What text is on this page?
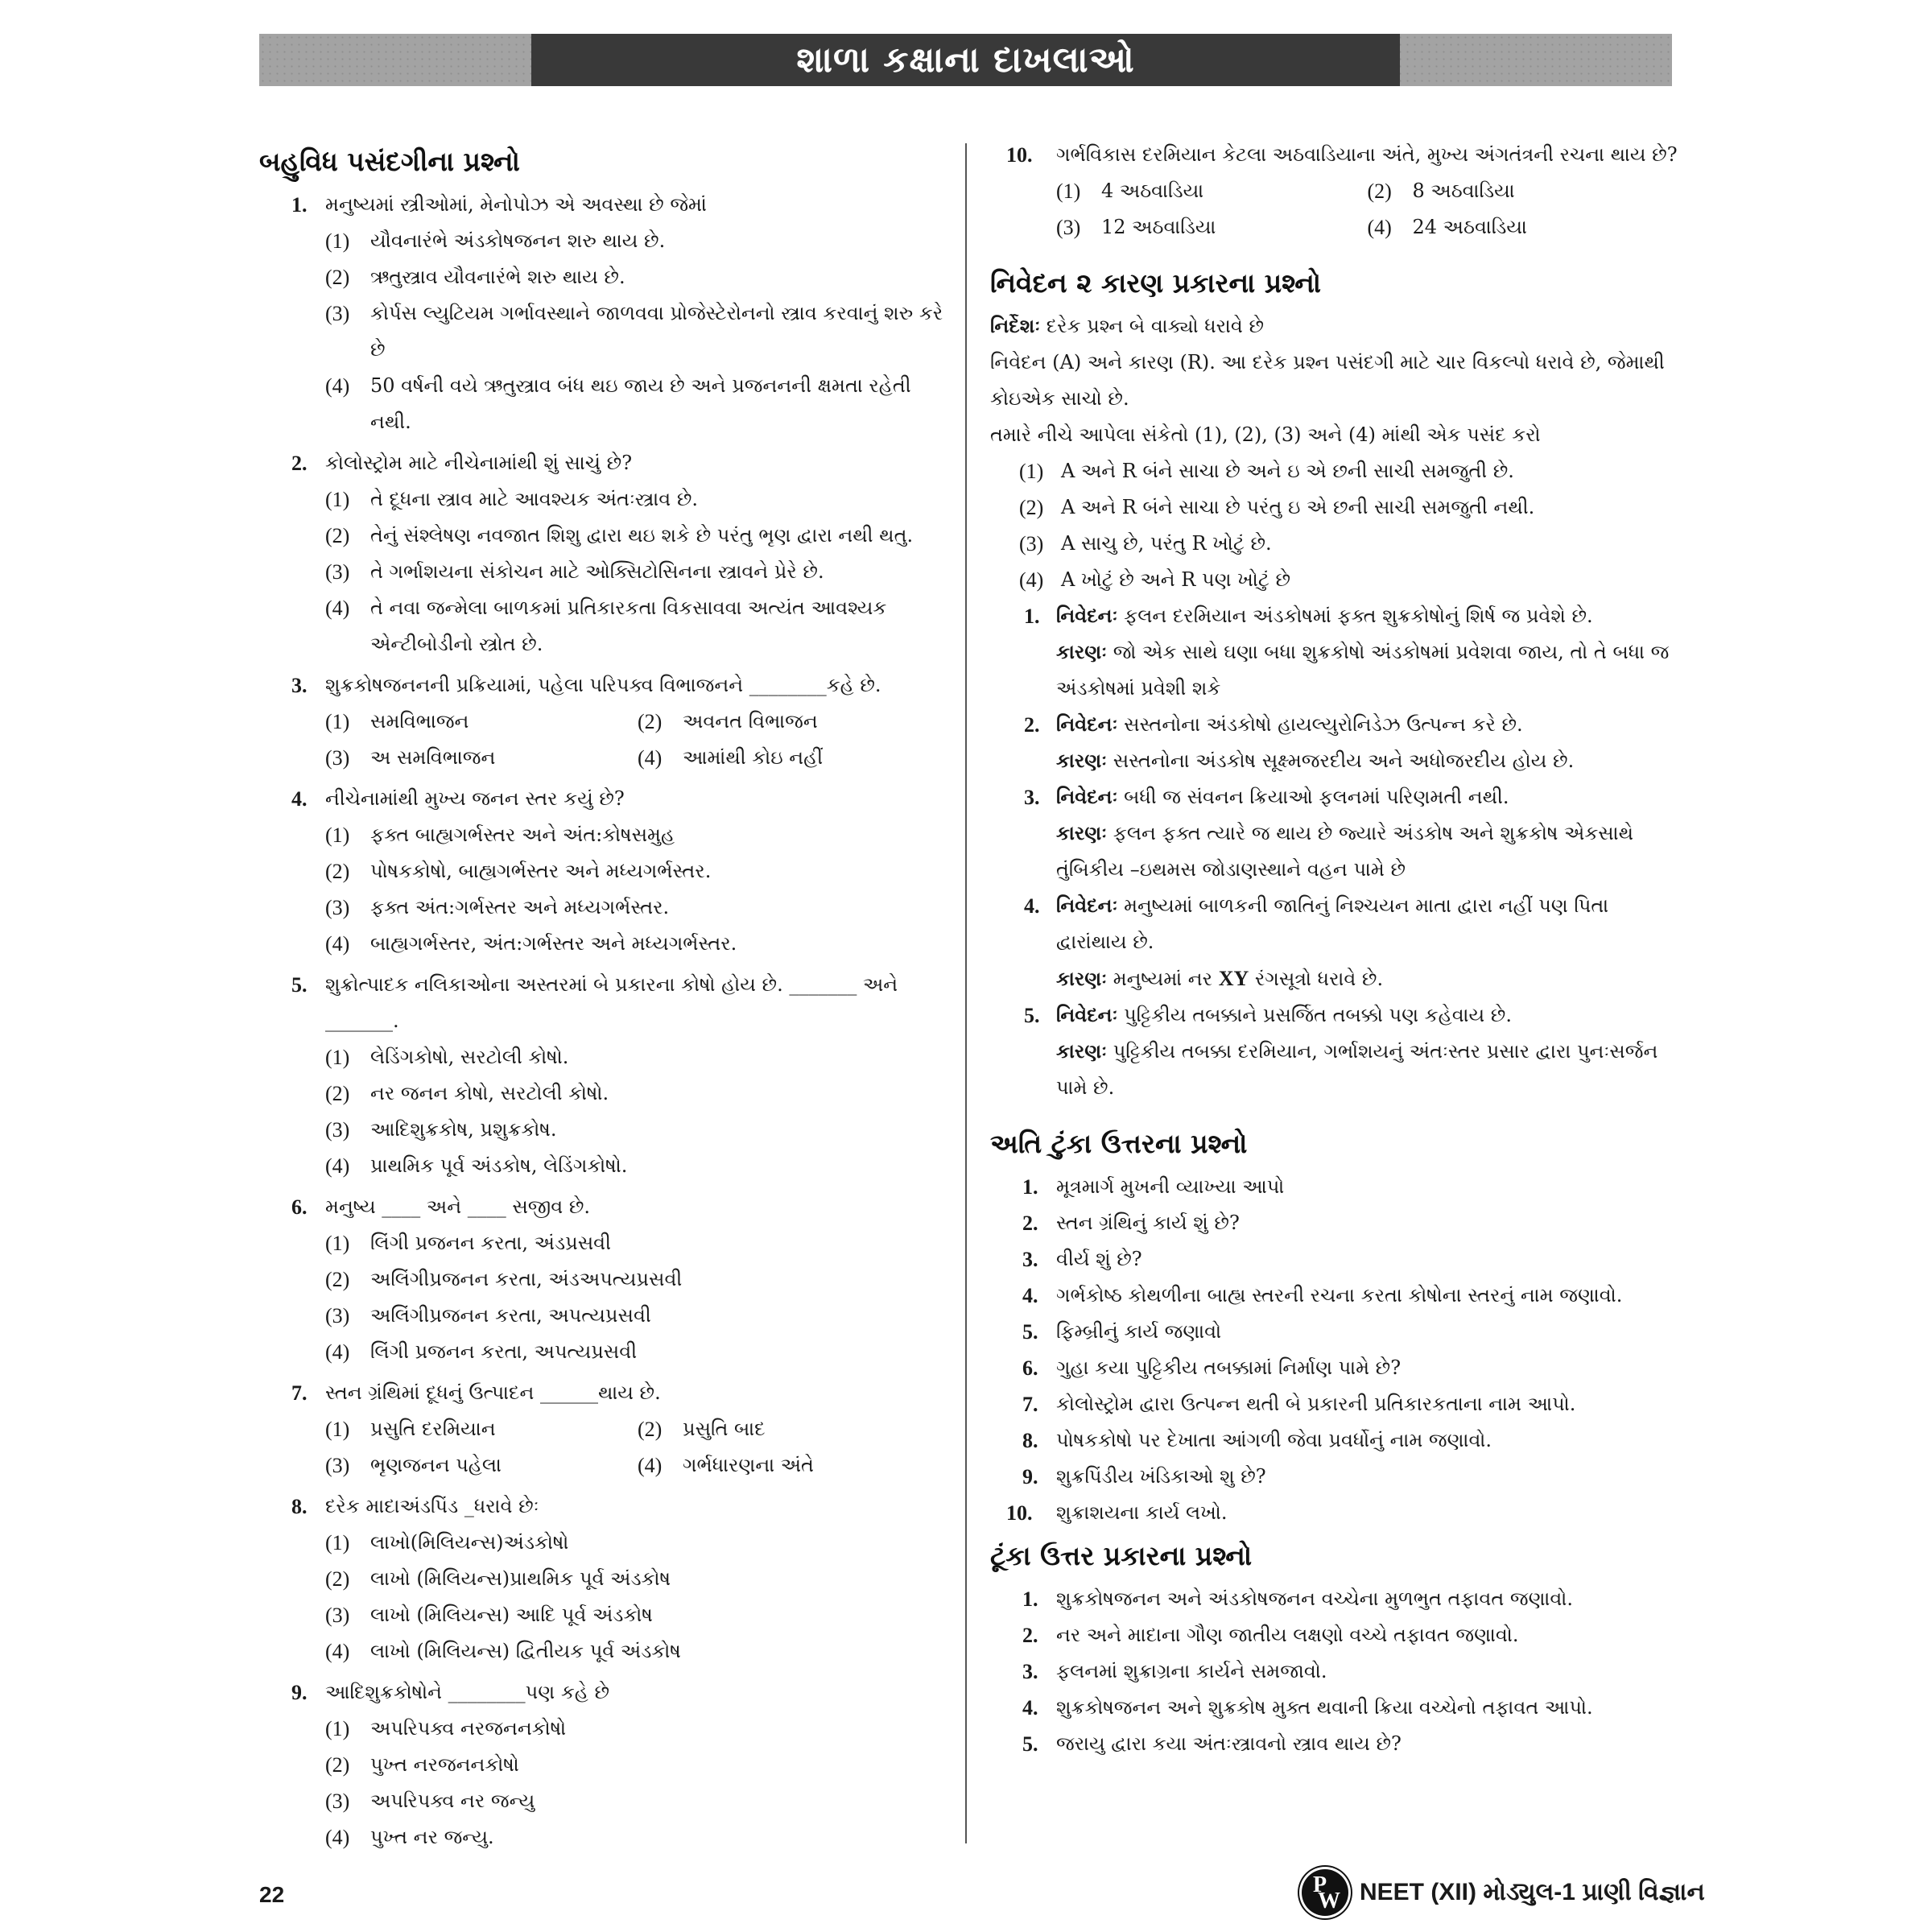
શાળા કક્ષાના દાખલાઓ
બહુવિધ પસંદગીના પ્રશ્નો
1. મનુષ્યમાં સ્ત્રીઓમાં, મેનોપોઝ એ અવસ્થા છે જેમાં
(1) યૌવનારંભે અંડકોષજનન શરુ થાય છે.
(2) ઋતુસ્ત્રાવ યૌવનારંભે શરુ થાય છે.
(3) કોર્પસ લ્યુટિયમ ગર્ભાવસ્થાને જાળવવા પ્રોજેસ્ટેરોનનો સ્ત્રાવ કરવાનું શરુ કરે છે
(4) 50 વર્ષની વયે ઋતુસ્ત્રાવ બંધ થઇ જાય છે અને પ્રજનનની ક્ષમતા રહેતી નથી.
2. કોલોસ્ટ્રોમ માટે નીચેનામાંથી શું સાચું છે?
(1) તે દૂધના સ્ત્રાવ માટે આવશ્યક અંતઃસ્ત્રાવ છે.
(2) તેનું સંશ્લેષણ નવજાત શિશુ દ્વારા થઇ શકે છે પરંતુ ભૃણ દ્વારા નથી થતુ.
(3) તે ગર્ભાશયના સંકોચન માટે ઓક્સિટોસિનના સ્ત્રાવને પ્રેરે છે.
(4) તે નવા જન્મેલા બાળકમાં પ્રતિકારકતા વિકસાવવા અત્યંત આવશ્યક એન્ટીબોડીનો સ્ત્રોત છે.
3. શુક્રકોષજનનની પ્રક્રિયામાં, પહેલા પરિપક્વ વિભાજનને ________કહે છે.
(1) સમવિભાજન	(2) અવનત વિભાજન
(3) અ સમવિભાજન	(4) આમાંથી કોઇ નહીં
4. નીચેનામાંથી મુખ્ય જનન સ્તર કયું છે?
(1) ફક્ત બાહ્યગર્ભસ્તર અને અંત:કોષસમુહ
(2) પોષકકોષો, બાહ્યગર્ભસ્તર અને મધ્યગર્ભસ્તર.
(3) ફક્ત અંત:ગર્ભસ્તર અને મધ્યગર્ભસ્તર.
(4) બાહ્યગર્ભસ્તર, અંત:ગર્ભસ્તર અને મધ્યગર્ભસ્તર.
5. શુક્રોત્પાદક નલિકાઓના અસ્તરમાં બે પ્રકારના કોષો હોય છે. _______ અને _______.
(1) લેડિંગકોષો, સરટોલી કોષો.
(2) નર જનન કોષો, સરટોલી કોષો.
(3) આદિશુક્રકોષ, પ્રશુક્રકોષ.
(4) પ્રાથમિક પૂર્વ અંડકોષ, લેડિંગકોષો.
6. મનુષ્ય ____ અને ____ સજીવ છે.
(1) લિંગી પ્રજનન કરતા, અંડપ્રસવી
(2) અલિંગીપ્રજનન કરતા, અંડઅપત્યપ્રસવી
(3) અલિંગીપ્રજનન કરતા, અપત્યપ્રસવી
(4) લિંગી પ્રજનન કરતા, અપત્યપ્રસવી
7. સ્તન ગ્રંથિમાં દૂધનું ઉત્પાદન ______થાય છે.
(1) પ્રસુતિ દરમિયાન	(2) પ્રસુતિ બાદ
(3) ભૃણજનન પહેલા	(4) ગર્ભધારણના અંતે
8. દરેક માદાઅંડપિંડ _ધરાવે છેઃ
(1) લાખો(મિલિયન્સ)અંડકોષો
(2) લાખો (મિલિયન્સ)પ્રાથમિક પૂર્વ અંડકોષ
(3) લાખો (મિલિયન્સ) આદિ પૂર્વ અંડકોષ
(4) લાખો (મિલિયન્સ) દ્વિતીયક પૂર્વ અંડકોષ
9. આદિશુક્રકોષોને ________પણ કહે છે
(1) અપરિપક્વ નરજનનકોષો
(2) પુખ્ત નરજનનકોષો
(3) અપરિપક્વ નર જન્યુ
(4) પુખ્ત નર જન્યુ.
10. ગર્ભવિકાસ દરમિયાન કેટલા અઠવાડિયાના અંતે, મુખ્ય અંગતંત્રની રચના થાય છે?
(1) 4 અઠવાડિયા	(2) 8 અઠવાડિયા
(3) 12 અઠવાડિયા	(4) 24 અઠવાડિયા
નિવેદન ૨ કારણ પ્રકારના પ્રશ્નો
નિર્દેશઃ દરેક પ્રશ્ન બે વાક્યો ધરાવે છે
નિવેદન (A) અને કારણ (R). આ દરેક પ્રશ્ન પસંદગી માટે ચાર વિકલ્પો ધરાવે છે, જેમાથી કોઇએક સાચો છે.
તમારે નીચે આપેલા સંકેતો (1), (2), (3) અને (4) માંથી એક પસંદ કરો
(1) A અને R બંને સાચા છે અને ઇ એ છની સાચી સમજુતી છે.
(2) A અને R બંને સાચા છે પરંતુ ઇ એ છની સાચી સમજુતી નથી.
(3) A સાચુ છે, પરંતુ R ખોટું છે.
(4) A ખોટું છે અને R પણ ખોટું છે
1. નિવેદનઃ ફલન દરમિયાન અંડકોષમાં ફક્ત શુક્રકોષોનું શિર્ષ જ પ્રવેશે છે.
કારણઃ જો એક સાથે ઘણા બધા શુક્રકોષો અંડકોષમાં પ્રવેશવા જાય, તો તે બધા જ અંડકોષમાં પ્રવેશી શકે
2. નિવેદનઃ સસ્તનોના અંડકોષો હાયલ્યુરોનિડેઝ ઉત્પન્ન કરે છે.
કારણઃ સસ્તનોના અંડકોષ સૂક્ષ્મજરદીય અને અધોજરદીય હોય છે.
3. નિવેદનઃ બધી જ સંવનન ક્રિયાઓ ફલનમાં પરિણમતી નથી.
કારણઃ ફલન ફક્ત ત્યારે જ થાય છે જ્યારે અંડકોષ અને શુક્રકોષ એકસાથે તુંબિકીય –ઇથમસ જોડાણસ્થાને વહન પામે છે
4. નિવેદનઃ મનુષ્યમાં બાળકની જાતિનું નિશ્ચયન માતા દ્વારા નહીં પણ પિતા દ્વારાંથાય છે.
કારણઃ મનુષ્યમાં નર XY રંગસૂત્રો ધરાવે છે.
5. નિવેદનઃ પુટ્ટિકીય તબક્કાને પ્રસર્જિત તબક્કો પણ કહેવાય છે.
કારણઃ પુટ્ટિકીય તબક્કા દરમિયાન, ગર્ભાશયનું અંતઃસ્તર પ્રસાર દ્વારા પુનઃસર્જન પામે છે.
અતિ ટુંકા ઉત્તરના પ્રશ્નો
1. મૂત્રમાર્ગ મુખની વ્યાખ્યા આપો
2. સ્તન ગ્રંથિનું કાર્ય શું છે?
3. વીર્ય શું છે?
4. ગર્ભકોષ્ઠ કોથળીના બાહ્ય સ્તરની રચના કરતા કોષોના સ્તરનું નામ જણાવો.
5. ફિમ્બ્રીનું કાર્ય જણાવો
6. ગુહા કયા પુટ્ટિકીય તબક્કામાં નિર્માણ પામે છે?
7. કોલોસ્ટ્રોમ દ્વારા ઉત્પન્ન થતી બે પ્રકારની પ્રતિકારકતાના નામ આપો.
8. પોષકકોષો પર દેખાતા આંગળી જેવા પ્રવર્ધોનું નામ જણાવો.
9. શુક્રપિંડીય ખંડિકાઓ શુ છે?
10. શુક્રાશયના કાર્ય લખો.
ટૂંકા ઉત્તર પ્રકારના પ્રશ્નો
1. શુક્રકોષજનન અને અંડકોષજનન વચ્ચેના મુળભુત તફાવત જણાવો.
2. નર અને માદાના ગૌણ જાતીય લક્ષણો વચ્ચે તફાવત જણાવો.
3. ફલનમાં શુક્રાગ્રના કાર્યને સમજાવો.
4. શુક્રકોષજનન અને શુક્રકોષ મુક્ત થવાની ક્રિયા વચ્ચેનો તફાવત આપો.
5. જરાયુ દ્વારા કયા અંતઃસ્ત્રાવનો સ્ત્રાવ થાય છે?
22	P
W NEET (XII) મોડ્યુલ-1 પ્રાણી વિજ્ઞાન
